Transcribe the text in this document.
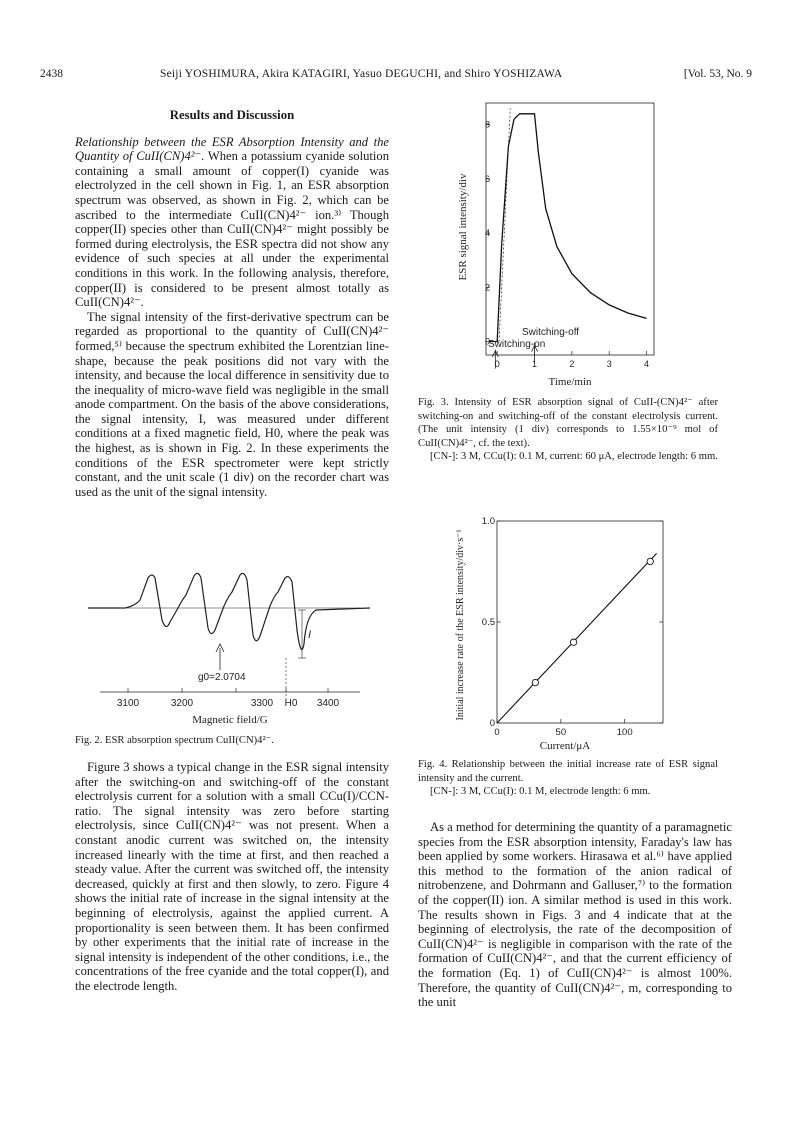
2438	Seiji YOSHIMURA, Akira KATAGIRI, Yasuo DEGUCHI, and Shiro YOSHIZAWA	[Vol. 53, No. 9
Results and Discussion

Relationship between the ESR Absorption Intensity and the Quantity of CuII(CN)4²⁻. When a potassium cyanide solution containing a small amount of copper(I) cyanide was electrolyzed in the cell shown in Fig. 1, an ESR absorption spectrum was observed, as shown in Fig. 2, which can be ascribed to the intermediate CuII(CN)4²⁻ ion.³⁾ Though copper(II) species other than CuII(CN)4²⁻ might possibly be formed during electrolysis, the ESR spectra did not show any evidence of such species at all under the experimental conditions in this work. In the following analysis, therefore, copper(II) is considered to be present almost totally as CuII(CN)4²⁻.

The signal intensity of the first-derivative spectrum can be regarded as proportional to the quantity of CuII(CN)4²⁻ formed,⁵⁾ because the spectrum exhibited the Lorentzian line-shape, because the peak positions did not vary with the intensity, and because the local difference in sensitivity due to the inequality of micro-wave field was negligible in the small anode compartment. On the basis of the above considerations, the signal intensity, I, was measured under different conditions at a fixed magnetic field, H0, where the peak was the highest, as is shown in Fig. 2. In these experiments the conditions of the ESR spectrometer were kept strictly constant, and the unit scale (1 div) on the recorder chart was used as the unit of the signal intensity.

I
g0=2.0704
3100	3200	3300 H0 3400
Magnetic field/G
Fig. 2. ESR absorption spectrum CuII(CN)4²⁻.

Figure 3 shows a typical change in the ESR signal intensity after the switching-on and switching-off of the constant electrolysis current for a solution with a small CCu(I)/CCN- ratio. The signal intensity was zero before starting electrolysis, since CuII(CN)4²⁻ was not present. When a constant anodic current was switched on, the intensity increased linearly with the time at first, and then reached a steady value. After the current was switched off, the intensity decreased, quickly at first and then slowly, to zero. Figure 4 shows the initial rate of increase in the signal intensity at the beginning of electrolysis, against the applied current. A proportionality is seen between them. It has been confirmed by other experiments that the initial rate of increase in the signal intensity is independent of the other conditions, i.e., the concentrations of the free cyanide and the total copper(I), and the electrode length.

0	1	2	3	4
0
2
4
6
8
ESR signal intensity/div
Time/min
Switching-off
Switching-on
Fig. 3. Intensity of ESR absorption signal of CuII-(CN)4²⁻ after switching-on and switching-off of the constant electrolysis current. (The unit intensity (1 div) corresponds to 1.55×10⁻⁹ mol of CuII(CN)4²⁻, cf. the text).
[CN-]: 3 M, CCu(I): 0.1 M, current: 60 μA, electrode length: 6 mm.
0	50	100
0
0.5
1.0
Initial increase rate of the ESR intensity/div·s⁻¹
Current/μA
Fig. 4. Relationship between the initial increase rate of ESR signal intensity and the current.
[CN-]: 3 M, CCu(I): 0.1 M, electrode length: 6 mm.

As a method for determining the quantity of a paramagnetic species from the ESR absorption intensity, Faraday's law has been applied by some workers. Hirasawa et al.⁶⁾ have applied this method to the formation of the anion radical of nitrobenzene, and Dohrmann and Galluser,⁷⁾ to the formation of the copper(II) ion. A similar method is used in this work. The results shown in Figs. 3 and 4 indicate that at the beginning of electrolysis, the rate of the decomposition of CuII(CN)4²⁻ is negligible in comparison with the rate of the formation of CuII(CN)4²⁻, and that the current efficiency of the formation (Eq. 1) of CuII(CN)4²⁻ is almost 100%. Therefore, the quantity of CuII(CN)4²⁻, m, corresponding to the unit
